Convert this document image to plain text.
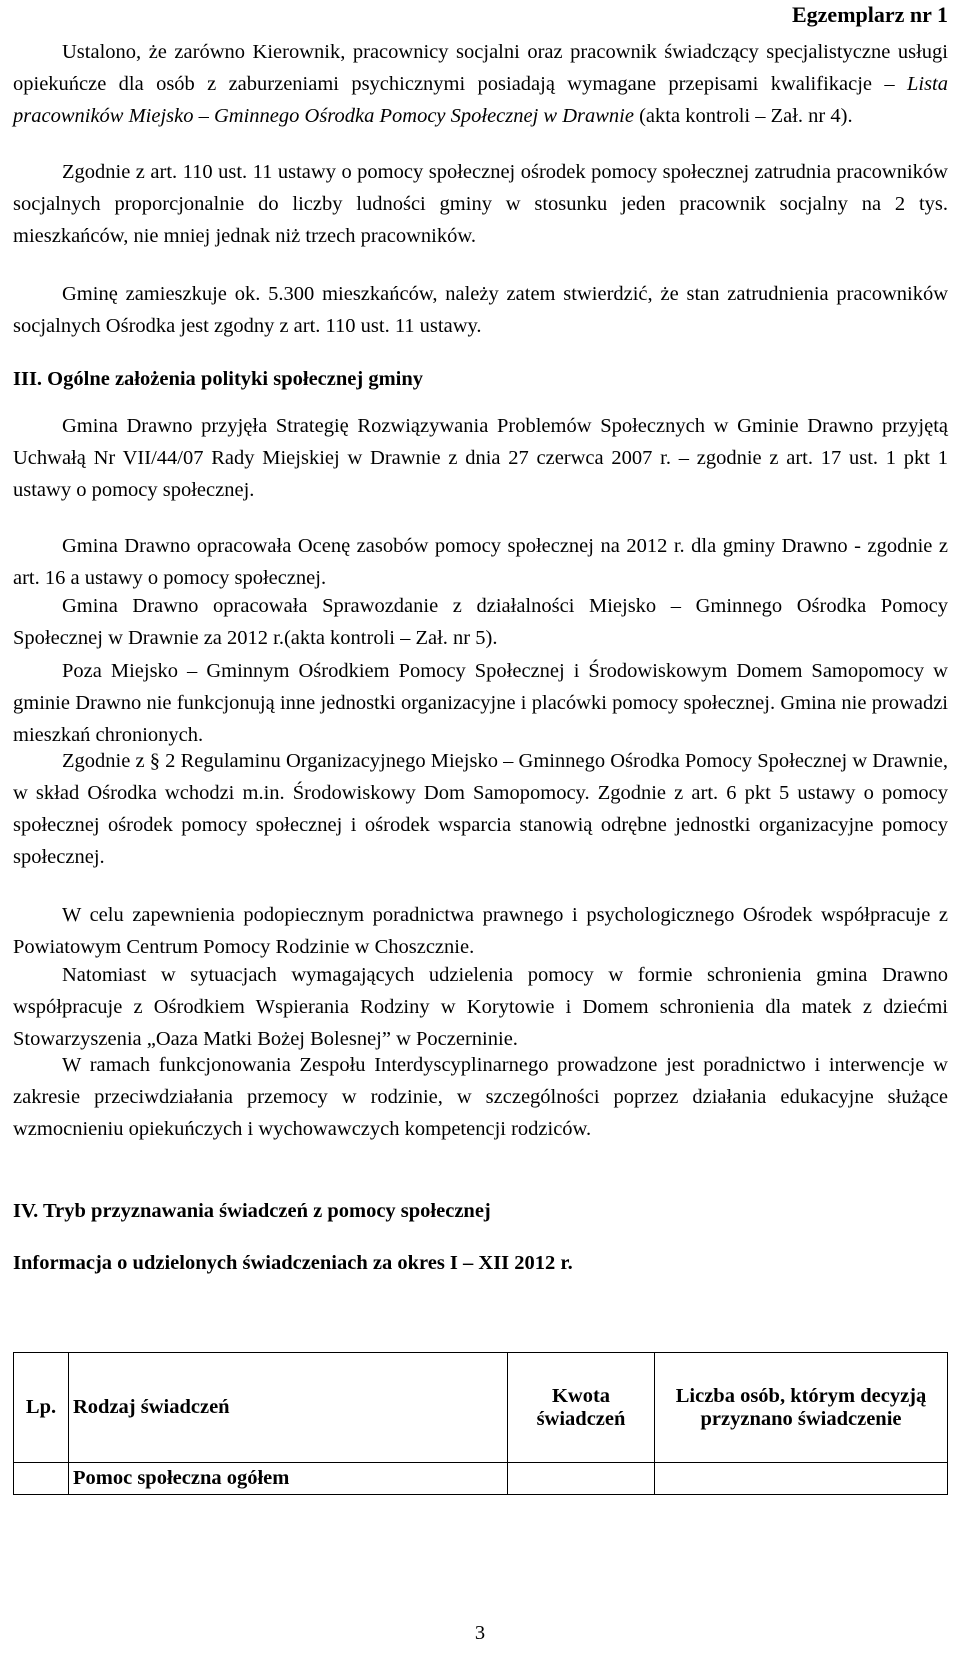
Egzemplarz nr 1

Ustalono, że zarówno Kierownik, pracownicy socjalni oraz pracownik świadczący specjalistyczne usługi opiekuńcze dla osób z zaburzeniami psychicznymi posiadają wymagane przepisami kwalifikacje – Lista pracowników Miejsko – Gminnego Ośrodka Pomocy Społecznej w Drawnie (akta kontroli – Zał. nr 4).

Zgodnie z art. 110 ust. 11 ustawy o pomocy społecznej ośrodek pomocy społecznej zatrudnia pracowników socjalnych proporcjonalnie do liczby ludności gminy w stosunku jeden pracownik socjalny na 2 tys. mieszkańców, nie mniej jednak niż trzech pracowników.

Gminę zamieszkuje ok. 5.300 mieszkańców, należy zatem stwierdzić, że stan zatrudnienia pracowników socjalnych Ośrodka jest zgodny z art. 110 ust. 11 ustawy.

III. Ogólne założenia polityki społecznej gminy

Gmina Drawno przyjęła Strategię Rozwiązywania Problemów Społecznych w Gminie Drawno przyjętą Uchwałą Nr VII/44/07 Rady Miejskiej w Drawnie z dnia 27 czerwca 2007 r. – zgodnie z art. 17 ust. 1 pkt 1 ustawy o pomocy społecznej.

Gmina Drawno opracowała Ocenę zasobów pomocy społecznej na 2012 r. dla gminy Drawno - zgodnie z art. 16 a ustawy o pomocy społecznej.

Gmina Drawno opracowała Sprawozdanie z działalności Miejsko – Gminnego Ośrodka Pomocy Społecznej w Drawnie za 2012 r.(akta kontroli – Zał. nr 5).

Poza Miejsko – Gminnym Ośrodkiem Pomocy Społecznej i Środowiskowym Domem Samopomocy w gminie Drawno nie funkcjonują inne jednostki organizacyjne i placówki pomocy społecznej. Gmina nie prowadzi mieszkań chronionych.

Zgodnie z § 2 Regulaminu Organizacyjnego Miejsko – Gminnego Ośrodka Pomocy Społecznej w Drawnie, w skład Ośrodka wchodzi m.in. Środowiskowy Dom Samopomocy. Zgodnie z art. 6 pkt 5 ustawy o pomocy społecznej ośrodek pomocy społecznej i ośrodek wsparcia stanowią odrębne jednostki organizacyjne pomocy społecznej.

W celu zapewnienia podopiecznym poradnictwa prawnego i psychologicznego Ośrodek współpracuje z Powiatowym Centrum Pomocy Rodzinie w Choszcznie.

Natomiast w sytuacjach wymagających udzielenia pomocy w formie schronienia gmina Drawno współpracuje z Ośrodkiem Wspierania Rodziny w Korytowie i Domem schronienia dla matek z dziećmi Stowarzyszenia „Oaza Matki Bożej Bolesnej” w Poczerninie.

W ramach funkcjonowania Zespołu Interdyscyplinarnego prowadzone jest poradnictwo i interwencje w zakresie przeciwdziałania przemocy w rodzinie, w szczególności poprzez działania edukacyjne służące wzmocnieniu opiekuńczych i wychowawczych kompetencji rodziców.

IV. Tryb przyznawania świadczeń z pomocy społecznej
Informacja o udzielonych świadczeniach za okres I – XII 2012 r.
Lp.	Rodzaj świadczeń	Kwota świadczeń	Liczba osób, którym decyzją przyznano świadczenie
	Pomoc społeczna ogółem		
3
